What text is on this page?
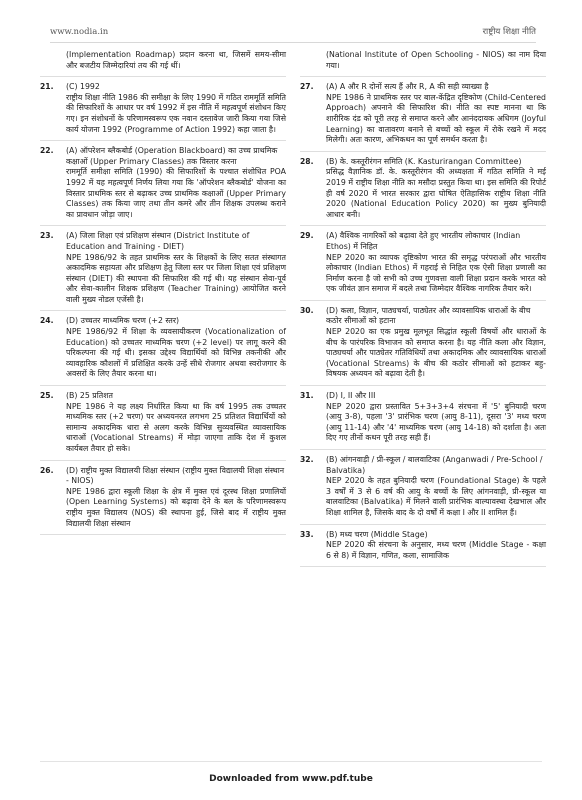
www.nodia.in	राष्ट्रीय शिक्षा नीति
(Implementation Roadmap) प्रदान करना था, जिसमें समय-सीमा और बजटीय जिम्मेदारियां तय की गई थीं।
21. (C) 1992
राष्ट्रीय शिक्षा नीति 1986 की समीक्षा के लिए 1990 में गठित राममूर्ति समिति की सिफारिशों के आधार पर वर्ष 1992 में इस नीति में महत्वपूर्ण संशोधन किए गए। इन संशोधनों के परिणामस्वरूप एक नवान दस्तावेज जारी किया गया जिसे कार्य योजना 1992 (Programme of Action 1992) कहा जाता है।
22. (A) ऑपरेशन ब्लैकबोर्ड (Operation Blackboard) का उच्च प्राथमिक कक्षाओं (Upper Primary Classes) तक विस्तार करना
राममूर्ति समीक्षा समिति (1990) की सिफारिशों के पश्चात संशोधित POA 1992 में यह महत्वपूर्ण निर्णय लिया गया कि 'ऑपरेशन ब्लैकबोर्ड' योजना का विस्तार प्राथमिक स्तर से बढ़ाकर उच्च प्राथमिक कक्षाओं (Upper Primary Classes) तक किया जाए तथा तीन कमरे और तीन शिक्षक उपलब्ध कराने का प्रावधान जोड़ा जाए।
23. (A) जिला शिक्षा एवं प्रशिक्षण संस्थान (District Institute of Education and Training - DIET)
NPE 1986/92 के तहत प्राथमिक स्तर के शिक्षकों के लिए सतत संस्थागत अकादमिक सहायता और प्रशिक्षण हेतु जिला स्तर पर जिला शिक्षा एवं प्रशिक्षण संस्थान (DIET) की स्थापना की सिफारिश की गई थी। यह संस्थान सेवा-पूर्व और सेवा-कालीन शिक्षक प्रशिक्षण (Teacher Training) आयोजित करने वाली मुख्य नोडल एजेंसी है।
24. (D) उच्चतर माध्यमिक चरण (+2 स्तर)
NPE 1986/92 में शिक्षा के व्यवसायीकरण (Vocationalization of Education) को उच्चतर माध्यमिक चरण (+2 level) पर लागू करने की परिकल्पना की गई थी। इसका उद्देश्य विद्यार्थियों को विभिन्न तकनीकी और व्यावहारिक कौशलों में प्रशिक्षित करके उन्हें सीधे रोजगार अथवा स्वरोजगार के अवसरों के लिए तैयार करना था।
25. (B) 25 प्रतिशत
NPE 1986 ने यह लक्ष्य निर्धारित किया था कि वर्ष 1995 तक उच्चतर माध्यमिक स्तर (+2 चरण) पर अध्ययनरत लगभग 25 प्रतिशत विद्यार्थियों को सामान्य अकादमिक धारा से अलग करके विभिन्न सुव्यवस्थित व्यावसायिक धाराओं (Vocational Streams) में मोड़ा जाएगा ताकि देश में कुशल कार्यबल तैयार हो सके।
26. (D) राष्ट्रीय मुक्त विद्यालयी शिक्षा संस्थान (राष्ट्रीय मुक्त विद्यालयी शिक्षा संस्थान - NIOS)
NPE 1986 द्वारा स्कूली शिक्षा के क्षेत्र में मुक्त एवं दूरस्थ शिक्षा प्रणालियों (Open Learning Systems) को बढ़ावा देने के बल के परिणामस्वरूप राष्ट्रीय मुक्त विद्यालय (NOS) की स्थापना हुई, जिसे बाद में राष्ट्रीय मुक्त विद्यालयी शिक्षा संस्थान
(National Institute of Open Schooling - NIOS) का नाम दिया गया।
27. (A) A और R दोनों सत्य हैं और R, A की सही व्याख्या है
NPE 1986 ने प्राथमिक स्तर पर बाल-केंद्रित दृष्टिकोण (Child-Centered Approach) अपनाने की सिफारिश की। नीति का स्पष्ट मानना था कि शारीरिक दंड को पूरी तरह से समाप्त करने और आनंददायक अधिगम (Joyful Learning) का वातावरण बनाने से बच्चों को स्कूल में रोके रखने में मदद मिलेगी। अतः कारण, अभिकथन का पूर्ण समर्थन करता है।
28. (B) के. कस्तूरीरंगन समिति (K. Kasturirangan Committee)
प्रसिद्ध वैज्ञानिक डॉ. के. कस्तूरीरंगन की अध्यक्षता में गठित समिति ने मई 2019 में राष्ट्रीय शिक्षा नीति का मसौदा प्रस्तुत किया था। इस समिति की रिपोर्ट ही वर्ष 2020 में भारत सरकार द्वारा घोषित ऐतिहासिक राष्ट्रीय शिक्षा नीति 2020 (National Education Policy 2020) का मुख्य बुनियादी आधार बनी।
29. (A) वैश्विक नागरिकों को बढ़ावा देते हुए भारतीय लोकाचार (Indian Ethos) में निहित
NEP 2020 का व्यापक दृष्टिकोण भारत की समृद्ध परंपराओं और भारतीय लोकाचार (Indian Ethos) में गहराई से निहित एक ऐसी शिक्षा प्रणाली का निर्माण करना है जो सभी को उच्च गुणवत्ता वाली शिक्षा प्रदान करके भारत को एक जीवंत ज्ञान समाज में बदले तथा जिम्मेदार वैश्विक नागरिक तैयार करे।
30. (D) कला, विज्ञान, पाठ्यचर्या, पाठ्येतर और व्यावसायिक धाराओं के बीच कठोर सीमाओं को हटाना
NEP 2020 का एक प्रमुख मूलभूत सिद्धांत स्कूली विषयों और धाराओं के बीच के पारंपरिक विभाजन को समाप्त करना है। यह नीति कला और विज्ञान, पाठ्यचर्या और पाठ्येतर गतिविधियों तथा अकादमिक और व्यावसायिक धाराओं (Vocational Streams) के बीच की कठोर सीमाओं को हटाकर बहु-विषयक अध्ययन को बढ़ावा देती है।
31. (D) I, II और III
NEP 2020 द्वारा प्रस्तावित 5+3+3+4 संरचना में '5' बुनियादी चरण (आयु 3-8), पहला '3' प्रारंभिक चरण (आयु 8-11), दूसरा '3' मध्य चरण (आयु 11-14) और '4' माध्यमिक चरण (आयु 14-18) को दर्शाता है। अतः दिए गए तीनों कथन पूरी तरह सही हैं।
32. (B) आंगनवाड़ी / प्री-स्कूल / बालवाटिका (Anganwadi / Pre-School / Balvatika)
NEP 2020 के तहत बुनियादी चरण (Foundational Stage) के पहले 3 वर्षों में 3 से 6 वर्ष की आयु के बच्चों के लिए आंगनवाड़ी, प्री-स्कूल या बालवाटिका (Balvatika) में मिलने वाली प्रारंभिक बाल्यावस्था देखभाल और शिक्षा शामिल है, जिसके बाद के दो वर्षों में कक्षा I और II शामिल हैं।
33. (B) मध्य चरण (Middle Stage)
NEP 2020 की संरचना के अनुसार, मध्य चरण (Middle Stage - कक्षा 6 से 8) में विज्ञान, गणित, कला, सामाजिक
Downloaded from www.pdf.tube
